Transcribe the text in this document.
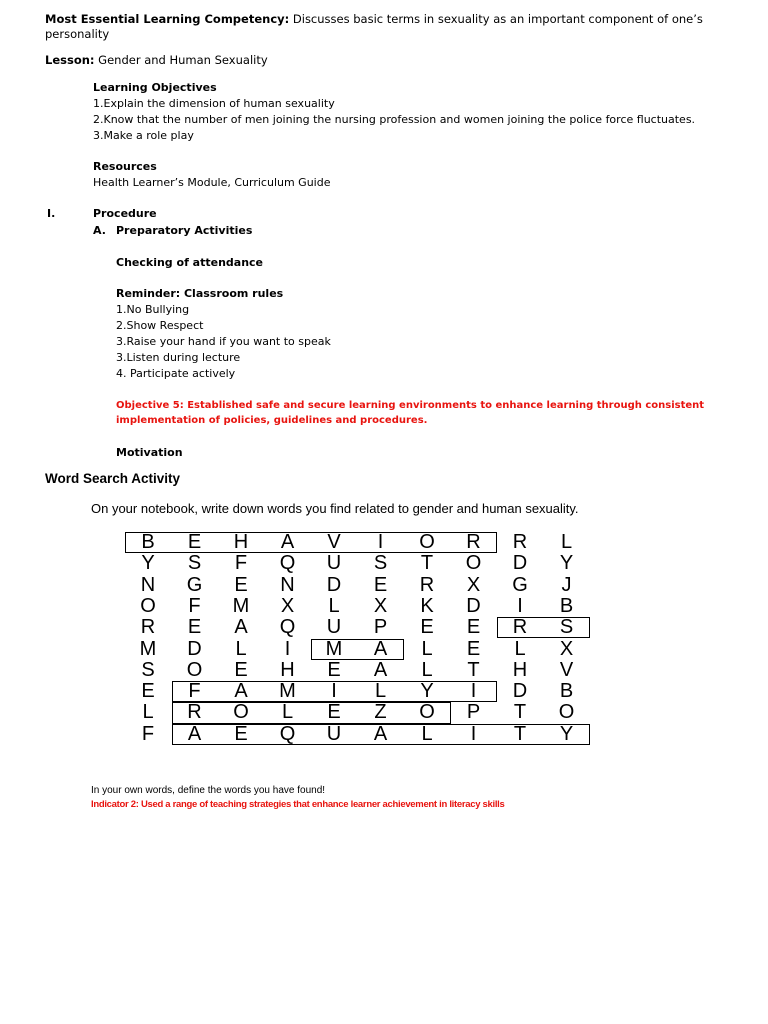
Most Essential Learning Competency: Discusses basic terms in sexuality as an important component of one’s
personality
Lesson: Gender and Human Sexuality
Learning Objectives
1.Explain the dimension of human sexuality
2.Know that the number of men joining the nursing profession and women joining the police force fluctuates.
3.Make a role play
Resources
Health Learner’s Module, Curriculum Guide
I.	Procedure
A. Preparatory Activities
Checking of attendance
Reminder: Classroom rules
1.No Bullying
2.Show Respect
3.Raise your hand if you want to speak
3.Listen during lecture
4. Participate actively
Objective 5: Established safe and secure learning environments to enhance learning through consistent
implementation of policies, guidelines and procedures.
Motivation
Word Search Activity
On your notebook, write down words you find related to gender and human sexuality.
B	E	H	A	V	I	O	R	R	L
Y	S	F	Q	U	S	T	O	D	Y
N	G	E	N	D	E	R	X	G	J
O	F	M	X	L	X	K	D	I	B
R	E	A	Q	U	P	E	E	R	S
M	D	L	I	M	A	L	E	L	X
S	O	E	H	E	A	L	T	H	V
E	F	A	M	I	L	Y	I	D	B
L	R	O	L	E	Z	O	P	T	O
F	A	E	Q	U	A	L	I	T	Y
In your own words, define the words you have found!
Indicator 2: Used a range of teaching strategies that enhance learner achievement in literacy skills
